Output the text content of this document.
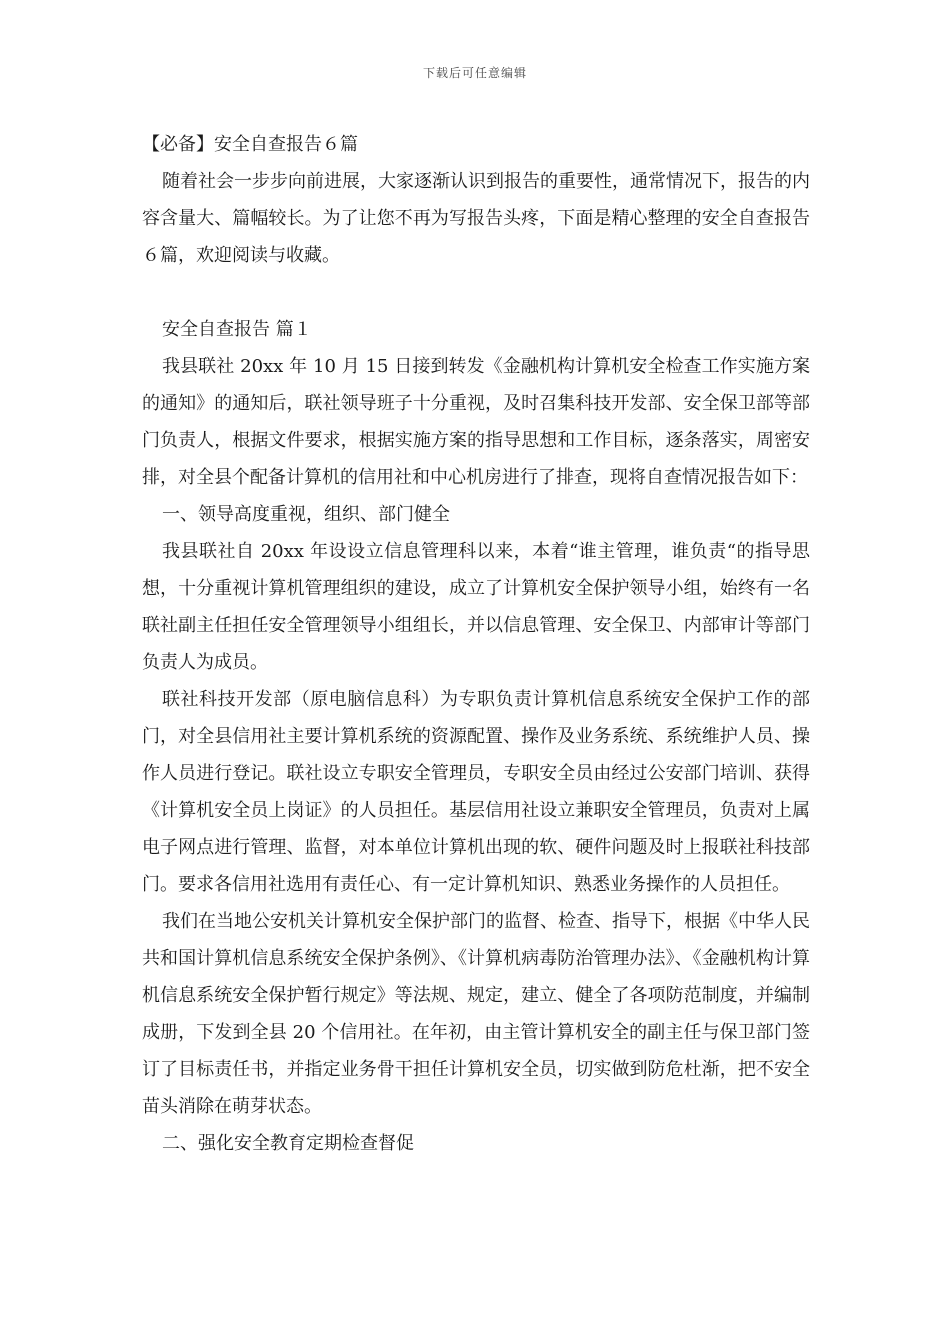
下载后可任意编辑

【必备】安全自查报告６篇

随着社会一步步向前进展，大家逐渐认识到报告的重要性，通常情况下，报告的内容含量大、篇幅较长。为了让您不再为写报告头疼，下面是精心整理的安全自查报告６篇，欢迎阅读与收藏。

安全自查报告 篇１

我县联社 20xx 年 10 月 15 日接到转发《金融机构计算机安全检查工作实施方案的通知》的通知后，联社领导班子十分重视，及时召集科技开发部、安全保卫部等部门负责人，根据文件要求，根据实施方案的指导思想和工作目标，逐条落实，周密安排，对全县个配备计算机的信用社和中心机房进行了排查，现将自查情况报告如下：

一、领导高度重视，组织、部门健全

我县联社自 20xx 年设设立信息管理科以来，本着“谁主管理，谁负责“的指导思想，十分重视计算机管理组织的建设，成立了计算机安全保护领导小组，始终有一名联社副主任担任安全管理领导小组组长，并以信息管理、安全保卫、内部审计等部门负责人为成员。

联社科技开发部（原电脑信息科）为专职负责计算机信息系统安全保护工作的部门，对全县信用社主要计算机系统的资源配置、操作及业务系统、系统维护人员、操作人员进行登记。联社设立专职安全管理员，专职安全员由经过公安部门培训、获得《计算机安全员上岗证》的人员担任。基层信用社设立兼职安全管理员，负责对上属电子网点进行管理、监督，对本单位计算机出现的软、硬件问题及时上报联社科技部门。要求各信用社选用有责任心、有一定计算机知识、熟悉业务操作的人员担任。

我们在当地公安机关计算机安全保护部门的监督、检查、指导下，根据《中华人民共和国计算机信息系统安全保护条例》、《计算机病毒防治管理办法》、《金融机构计算机信息系统安全保护暂行规定》等法规、规定，建立、健全了各项防范制度，并编制成册，下发到全县 20 个信用社。在年初，由主管计算机安全的副主任与保卫部门签订了目标责任书，并指定业务骨干担任计算机安全员，切实做到防危杜渐，把不安全苗头消除在萌芽状态。

二、强化安全教育定期检查督促
